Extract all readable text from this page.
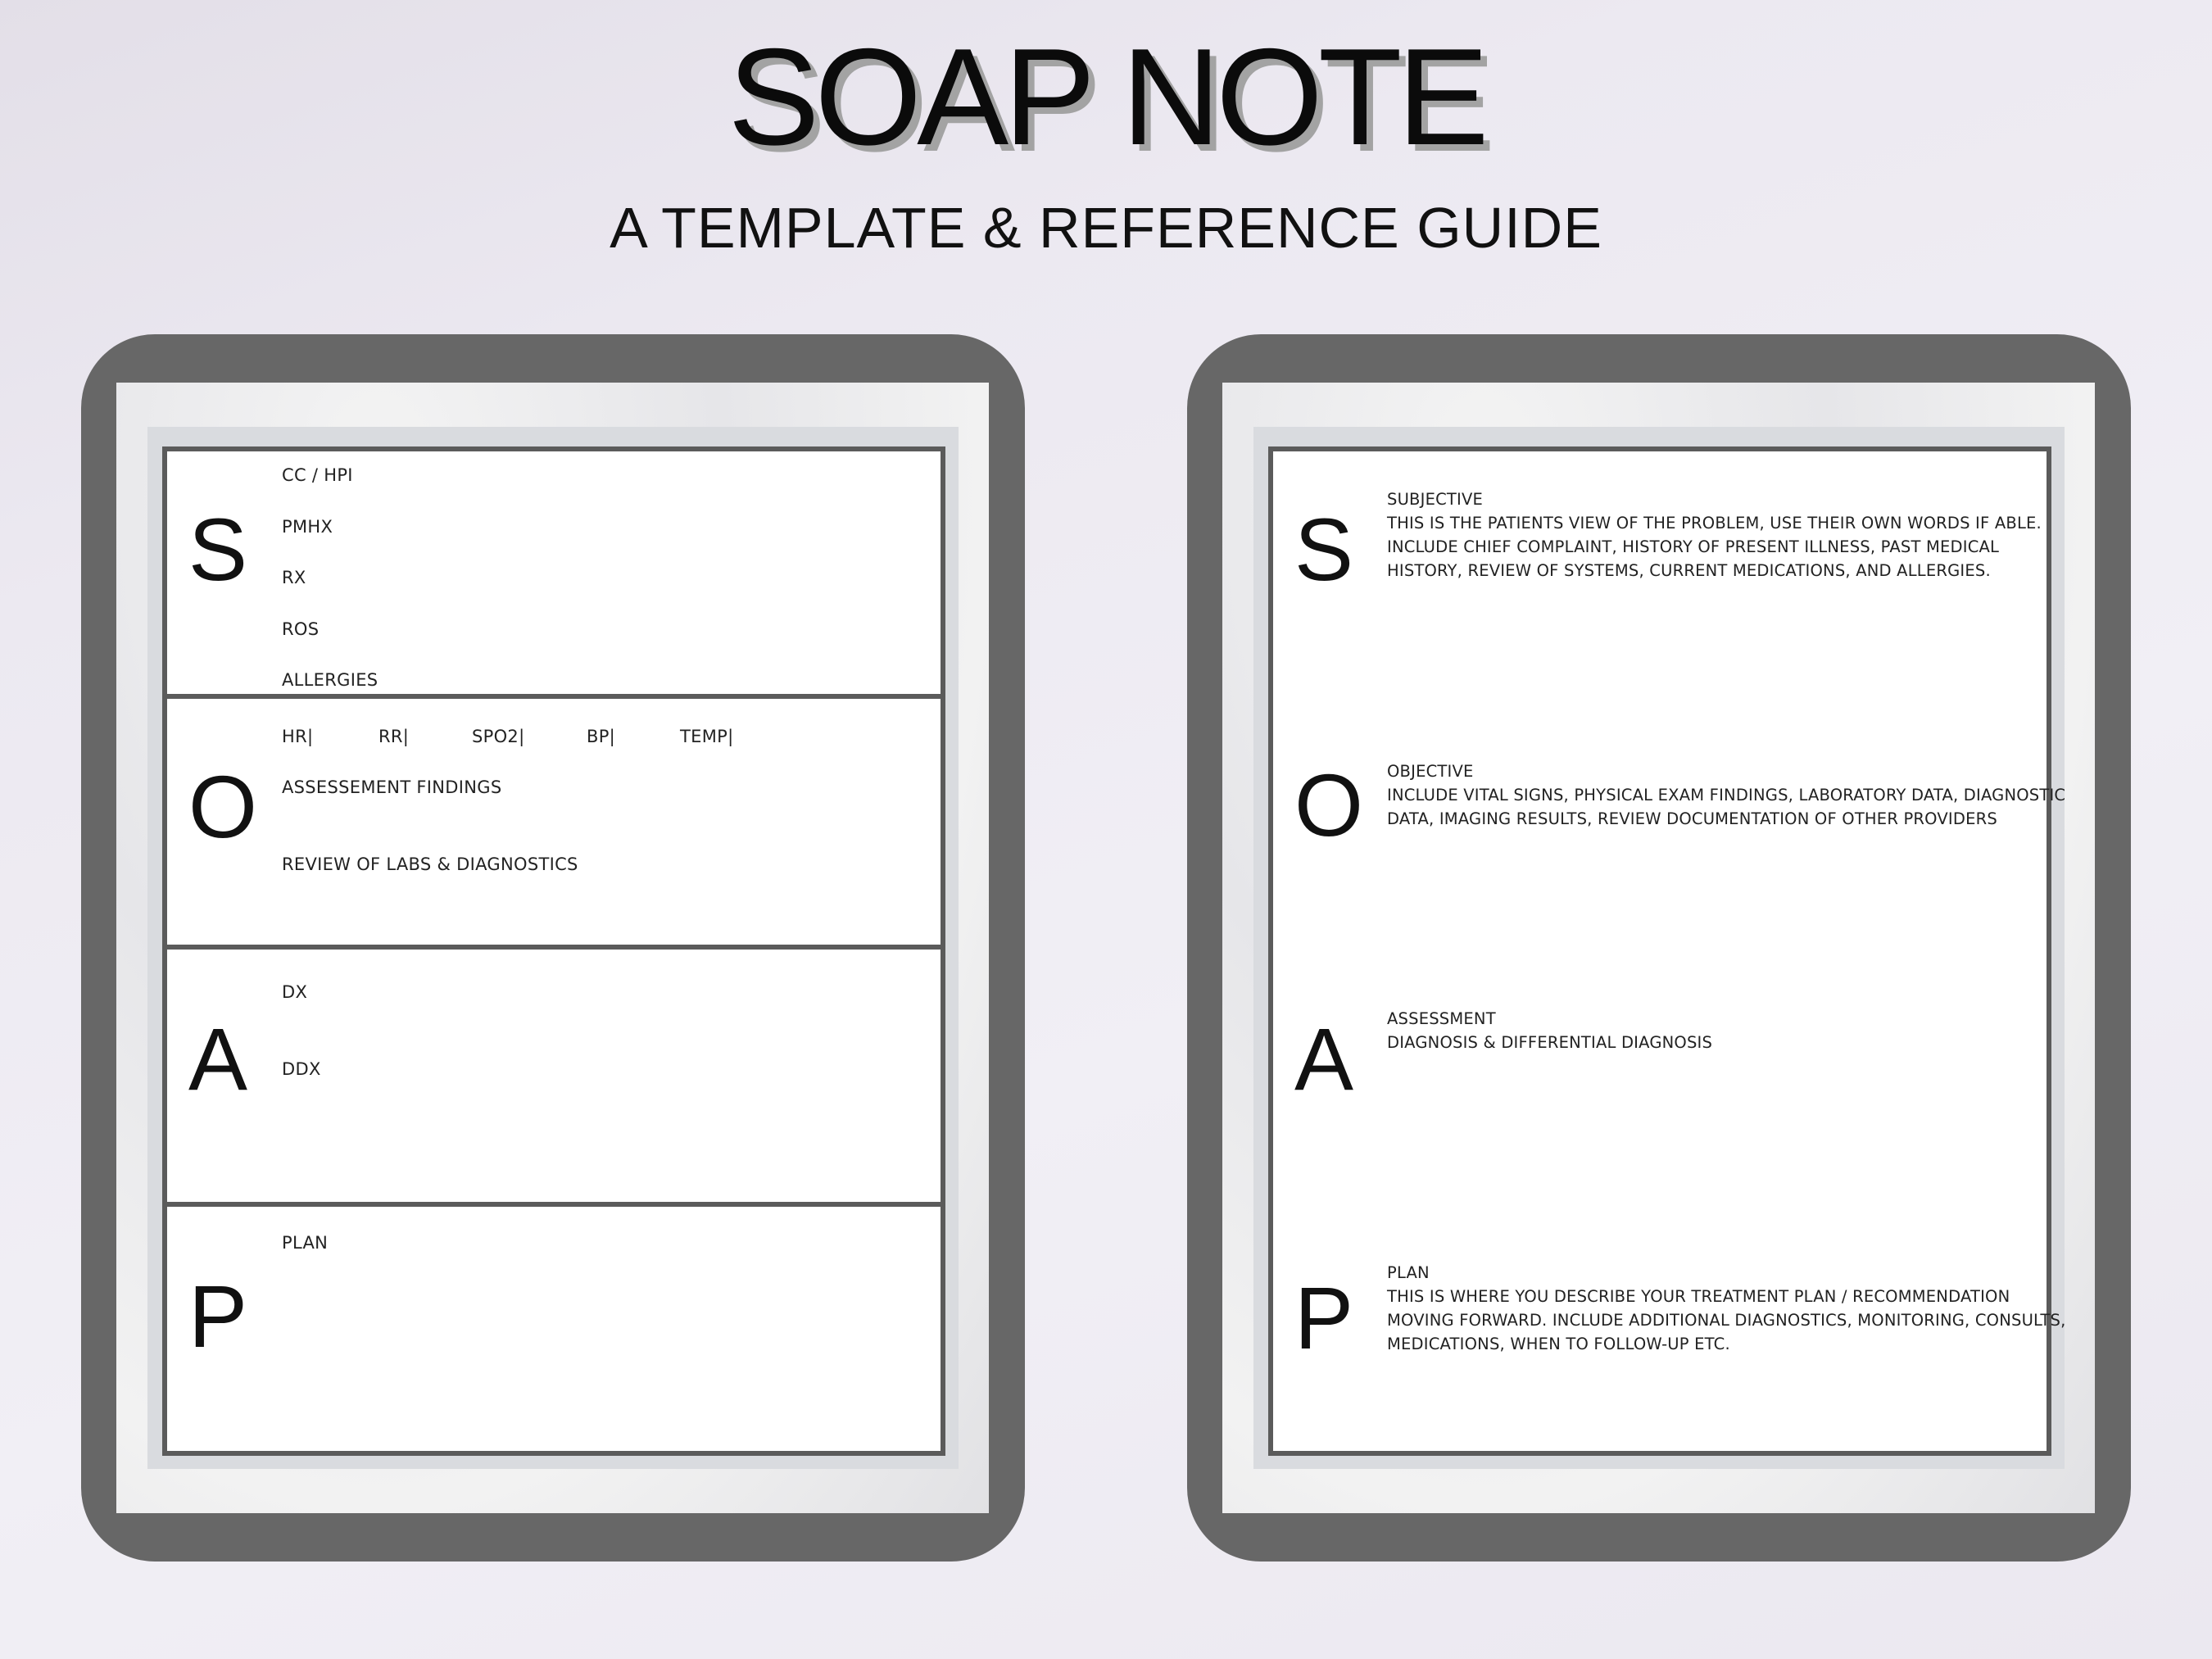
SOAP NOTE
A TEMPLATE & REFERENCE GUIDE
S
CC / HPI
PMHX
RX
ROS
ALLERGIES
O
HR|	RR|	SPO2|	BP|	TEMP|
ASSESSEMENT FINDINGS
REVIEW OF LABS & DIAGNOSTICS
A
DX
DDX
P
PLAN
S
SUBJECTIVE
THIS IS THE PATIENTS VIEW OF THE PROBLEM, USE THEIR OWN WORDS IF ABLE.
INCLUDE CHIEF COMPLAINT, HISTORY OF PRESENT ILLNESS, PAST MEDICAL
HISTORY, REVIEW OF SYSTEMS, CURRENT MEDICATIONS, AND ALLERGIES.
O OBJECTIVE
INCLUDE VITAL SIGNS, PHYSICAL EXAM FINDINGS, LABORATORY DATA, DIAGNOSTIC
DATA, IMAGING RESULTS, REVIEW DOCUMENTATION OF OTHER PROVIDERS
A ASSESSMENT
DIAGNOSIS & DIFFERENTIAL DIAGNOSIS
P PLAN
THIS IS WHERE YOU DESCRIBE YOUR TREATMENT PLAN / RECOMMENDATION
MOVING FORWARD. INCLUDE ADDITIONAL DIAGNOSTICS, MONITORING, CONSULTS,
MEDICATIONS, WHEN TO FOLLOW-UP ETC.
